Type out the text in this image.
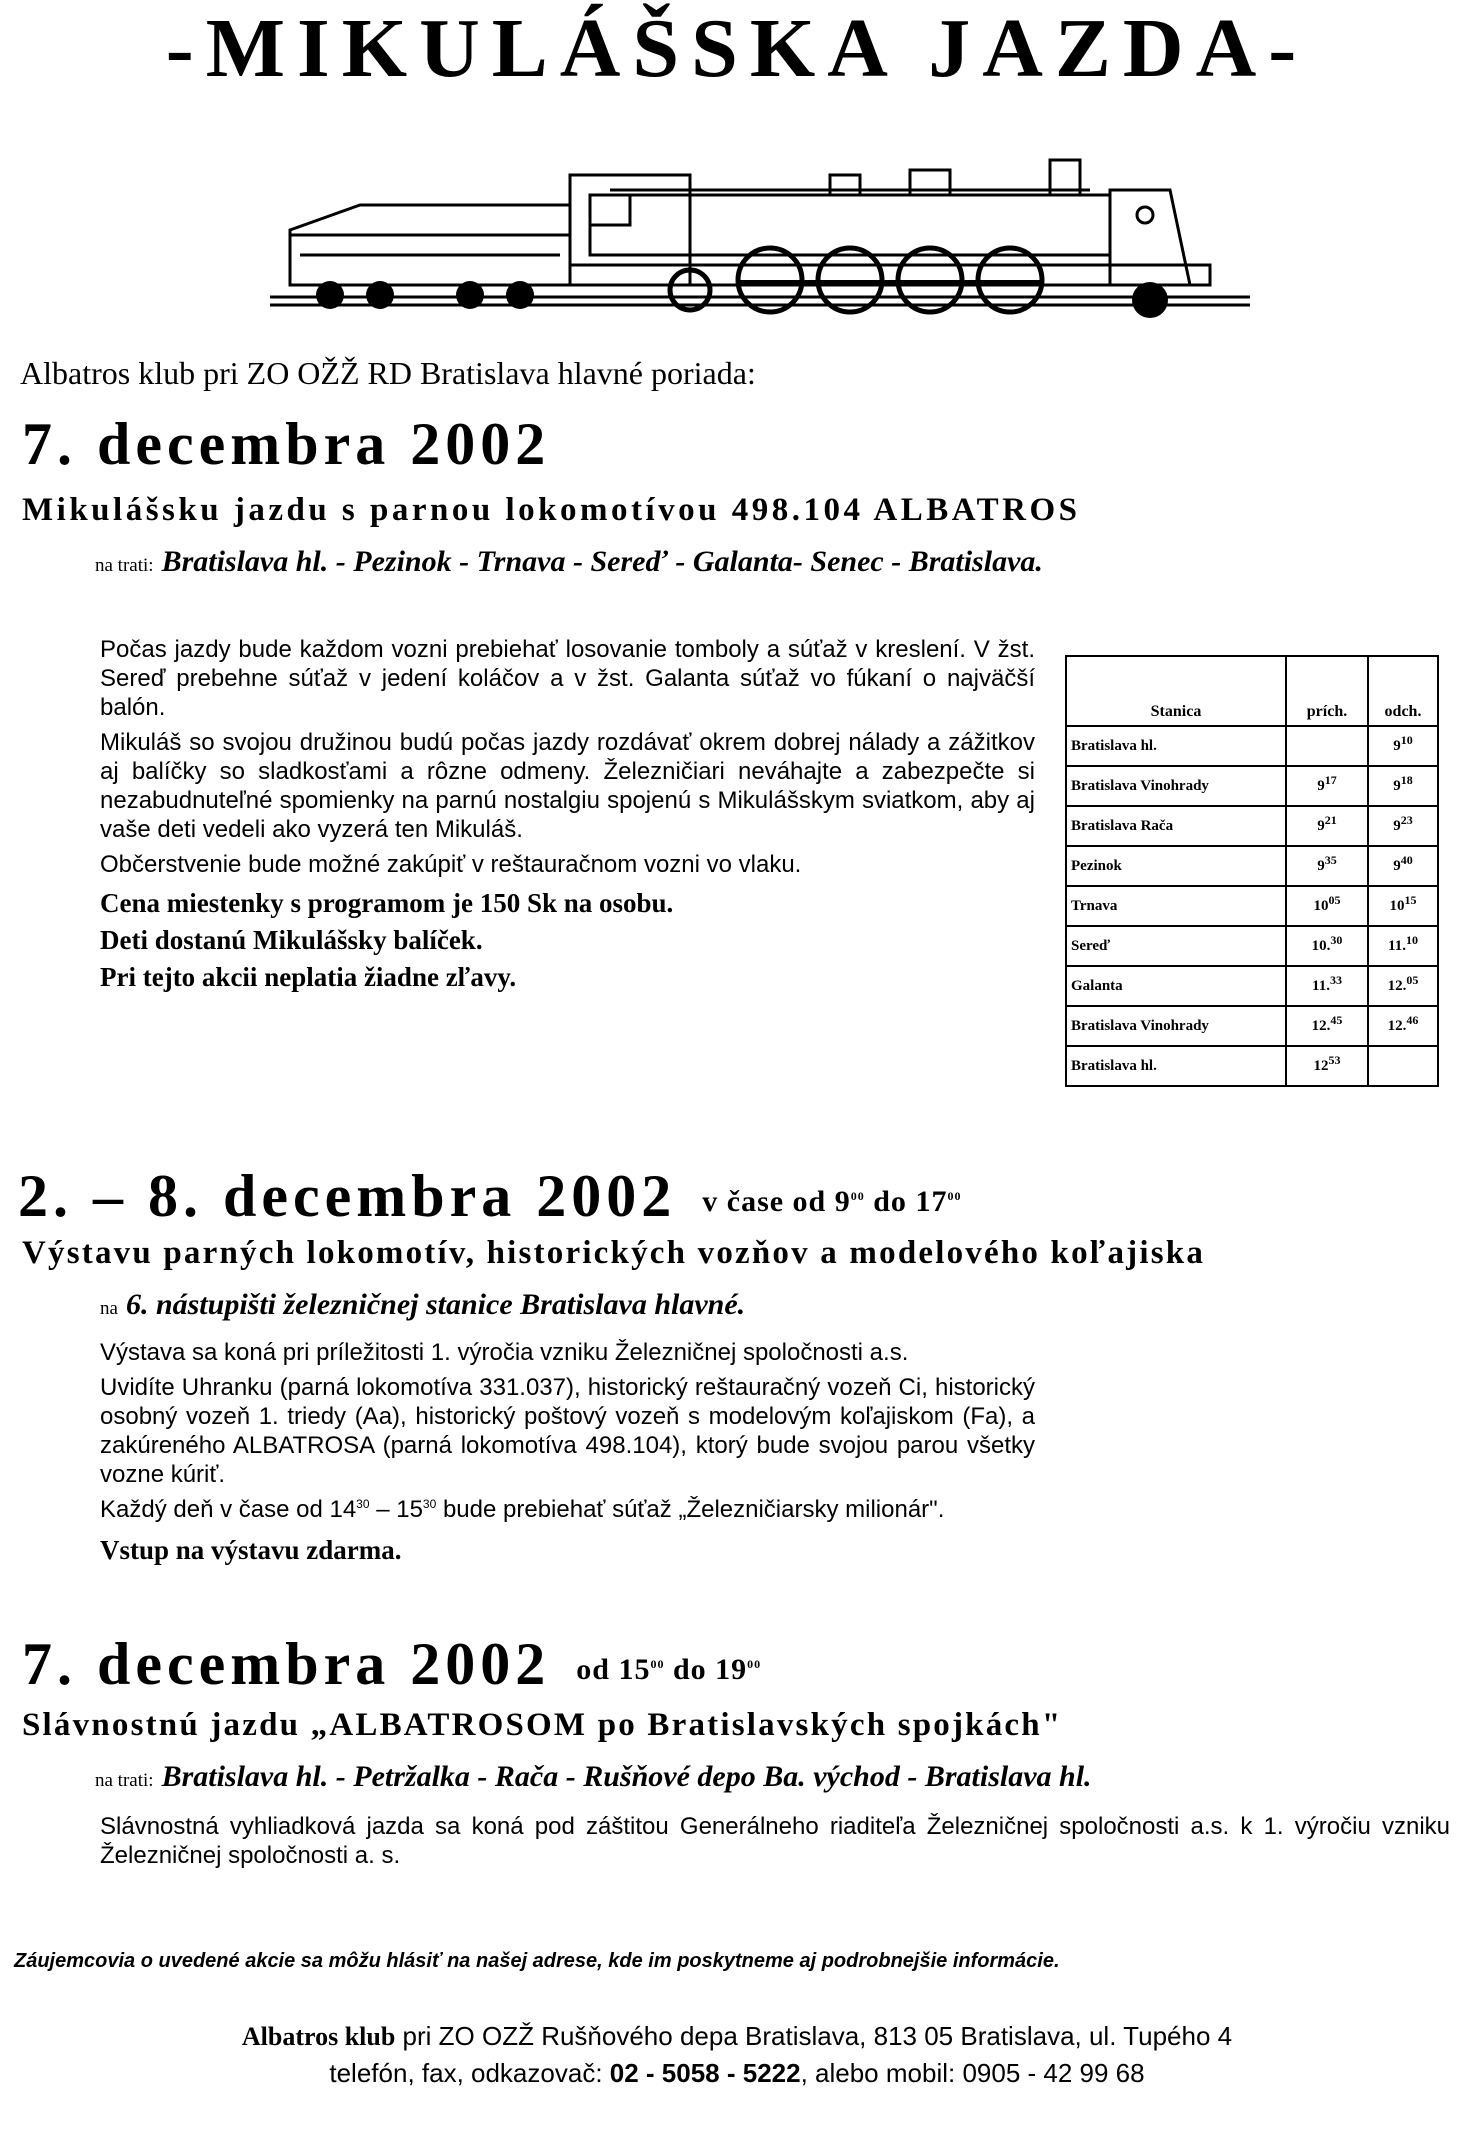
-MIKULÁŠSKA JAZDA-
Albatros klub pri ZO OŽŽ RD Bratislava hlavné poriada:
7. decembra 2002
Mikulášsku jazdu s parnou lokomotívou 498.104 ALBATROS
na trati: Bratislava hl. - Pezinok - Trnava - Sereď - Galanta- Senec - Bratislava.

Počas jazdy bude každom vozni prebiehať losovanie tomboly a súťaž v kreslení. V žst. Sereď prebehne súťaž v jedení koláčov a v žst. Galanta súťaž vo fúkaní o najväčší balón.

Mikuláš so svojou družinou budú počas jazdy rozdávať okrem dobrej nálady a zážitkov aj balíčky so sladkosťami a rôzne odmeny. Železničiari neváhajte a zabezpečte si nezabudnuteľné spomienky na parnú nostalgiu spojenú s Mikulášskym sviatkom, aby aj vaše deti vedeli ako vyzerá ten Mikuláš.

Občerstvenie bude možné zakúpiť v reštauračnom vozni vo vlaku.

Cena miestenky s programom je 150 Sk na osobu.

Deti dostanú Mikulášsky balíček.

Pri tejto akcii neplatia žiadne zľavy.

Stanica	prích.	odch.
Bratislava hl.		$9^{10}$
Bratislava Vinohrady	$9^{17}$	$9^{18}$
Bratislava Rača	$9^{21}$	$9^{23}$
Pezinok	$9^{35}$	$9^{40}$
Trnava	$10^{05}$	$10^{15}$
Sereď	10.30	11.10
Galanta	11.33	12.05
Bratislava Vinohrady	12.45	12.46
Bratislava hl.	$12^{53}$	
2. – 8. decembra 2002 v čase od $9^{00}$ do $17^{00}$
Výstavu parných lokomotív, historických vozňov a modelového koľajiska
na 6. nástupišti železničnej stanice Bratislava hlavné.

Výstava sa koná pri príležitosti 1. výročia vzniku Železničnej spoločnosti a.s.

Uvidíte Uhranku (parná lokomotíva 331.037), historický reštauračný vozeň Ci, historický osobný vozeň 1. triedy (Aa), historický poštový vozeň s modelovým koľajiskom (Fa), a zakúreného ALBATROSA (parná lokomotíva 498.104), ktorý bude svojou parou všetky vozne kúriť.

Každý deň v čase od $14^{30} - 15^{30}$ bude prebiehať súťaž „Železničiarsky milionár".

Vstup na výstavu zdarma.

7. decembra 2002 od $15^{00}$ do $19^{00}$
Slávnostnú jazdu „ALBATROSOM po Bratislavských spojkách"
na trati: Bratislava hl. - Petržalka - Rača - Rušňové depo Ba. východ - Bratislava hl.

Slávnostná vyhliadková jazda sa koná pod záštitou Generálneho riaditeľa Železničnej spoločnosti a.s. k 1. výročiu vzniku Železničnej spoločnosti a. s.

Záujemcovia o uvedené akcie sa môžu hlásiť na našej adrese, kde im poskytneme aj podrobnejšie informácie.
Albatros klub pri ZO OZŽ Rušňového depa Bratislava, 813 05 Bratislava, ul. Tupého 4
telefón, fax, odkazovač: 02 - 5058 - 5222, alebo mobil: 0905 - 42 99 68
